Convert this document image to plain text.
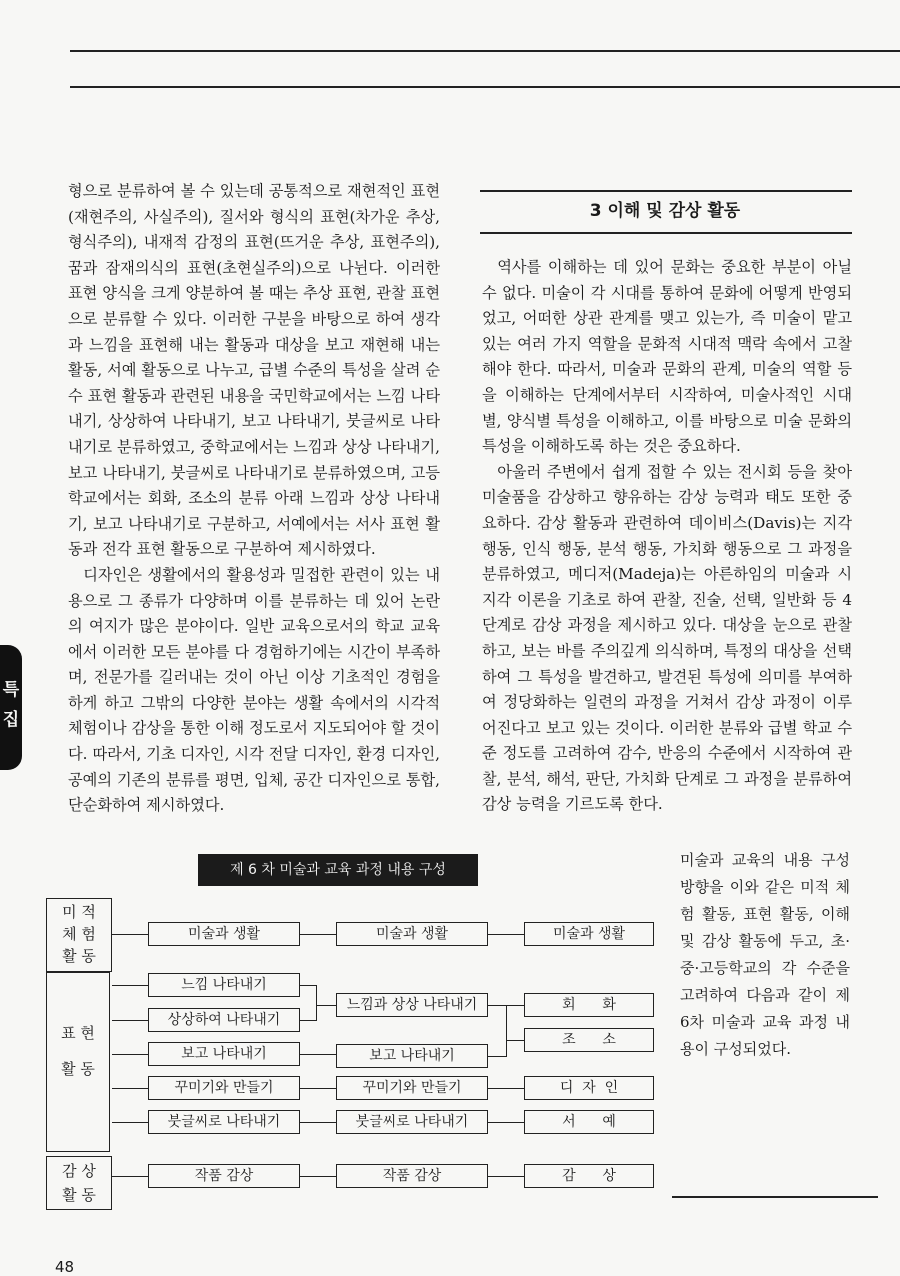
형으로 분류하여 볼 수 있는데 공통적으로 재현적인 표현(재현주의, 사실주의), 질서와 형식의 표현(차가운 추상, 형식주의), 내재적 감정의 표현(뜨거운 추상, 표현주의), 꿈과 잠재의식의 표현(초현실주의)으로 나뉜다. 이러한 표현 양식을 크게 양분하여 볼 때는 추상 표현, 관찰 표현으로 분류할 수 있다. 이러한 구분을 바탕으로 하여 생각과 느낌을 표현해 내는 활동과 대상을 보고 재현해 내는 활동, 서예 활동으로 나누고, 급별 수준의 특성을 살려 순수 표현 활동과 관련된 내용을 국민학교에서는 느낌 나타내기, 상상하여 나타내기, 보고 나타내기, 붓글씨로 나타내기로 분류하였고, 중학교에서는 느낌과 상상 나타내기, 보고 나타내기, 붓글씨로 나타내기로 분류하였으며, 고등학교에서는 회화, 조소의 분류 아래 느낌과 상상 나타내기, 보고 나타내기로 구분하고, 서예에서는 서사 표현 활동과 전각 표현 활동으로 구분하여 제시하였다.

디자인은 생활에서의 활용성과 밀접한 관련이 있는 내용으로 그 종류가 다양하며 이를 분류하는 데 있어 논란의 여지가 많은 분야이다. 일반 교육으로서의 학교 교육에서 이러한 모든 분야를 다 경험하기에는 시간이 부족하며, 전문가를 길러내는 것이 아닌 이상 기초적인 경험을 하게 하고 그밖의 다양한 분야는 생활 속에서의 시각적 체험이나 감상을 통한 이해 정도로서 지도되어야 할 것이다. 따라서, 기초 디자인, 시각 전달 디자인, 환경 디자인, 공예의 기존의 분류를 평면, 입체, 공간 디자인으로 통합, 단순화하여 제시하였다.

3 이해 및 감상 활동

역사를 이해하는 데 있어 문화는 중요한 부분이 아닐 수 없다. 미술이 각 시대를 통하여 문화에 어떻게 반영되었고, 어떠한 상관 관계를 맺고 있는가, 즉 미술이 맡고 있는 여러 가지 역할을 문화적 시대적 맥락 속에서 고찰해야 한다. 따라서, 미술과 문화의 관계, 미술의 역할 등을 이해하는 단계에서부터 시작하여, 미술사적인 시대별, 양식별 특성을 이해하고, 이를 바탕으로 미술 문화의 특성을 이해하도록 하는 것은 중요하다.

아울러 주변에서 쉽게 접할 수 있는 전시회 등을 찾아 미술품을 감상하고 향유하는 감상 능력과 태도 또한 중요하다. 감상 활동과 관련하여 데이비스(Davis)는 지각 행동, 인식 행동, 분석 행동, 가치화 행동으로 그 과정을 분류하였고, 메디저(Madeja)는 아른하임의 미술과 시지각 이론을 기초로 하여 관찰, 진술, 선택, 일반화 등 4단계로 감상 과정을 제시하고 있다. 대상을 눈으로 관찰하고, 보는 바를 주의깊게 의식하며, 특정의 대상을 선택하여 그 특성을 발견하고, 발견된 특성에 의미를 부여하여 정당화하는 일련의 과정을 거쳐서 감상 과정이 이루어진다고 보고 있는 것이다. 이러한 분류와 급별 학교 수준 정도를 고려하여 감수, 반응의 수준에서 시작하여 관찰, 분석, 해석, 판단, 가치화 단계로 그 과정을 분류하여 감상 능력을 기르도록 한다.

특집
제 6 차 미술과 교육 과정 내용 구성
미 적
체 험
활 동
표 현
활 동
감 상
활 동
미술과 생활
느낌 나타내기
상상하여 나타내기
보고 나타내기
꾸미기와 만들기
붓글씨로 나타내기
작품 감상
미술과 생활
느낌과 상상 나타내기
보고 나타내기
꾸미기와 만들기
붓글씨로 나타내기
작품 감상
미술과 생활
회      화
조      소
디  자  인
서      예
감      상
미술과 교육의 내용 구성 방향을 이와 같은 미적 체험 활동, 표현 활동, 이해 및 감상 활동에 두고, 초·중·고등학교의 각 수준을 고려하여 다음과 같이 제 6차 미술과 교육 과정 내용이 구성되었다.
48
